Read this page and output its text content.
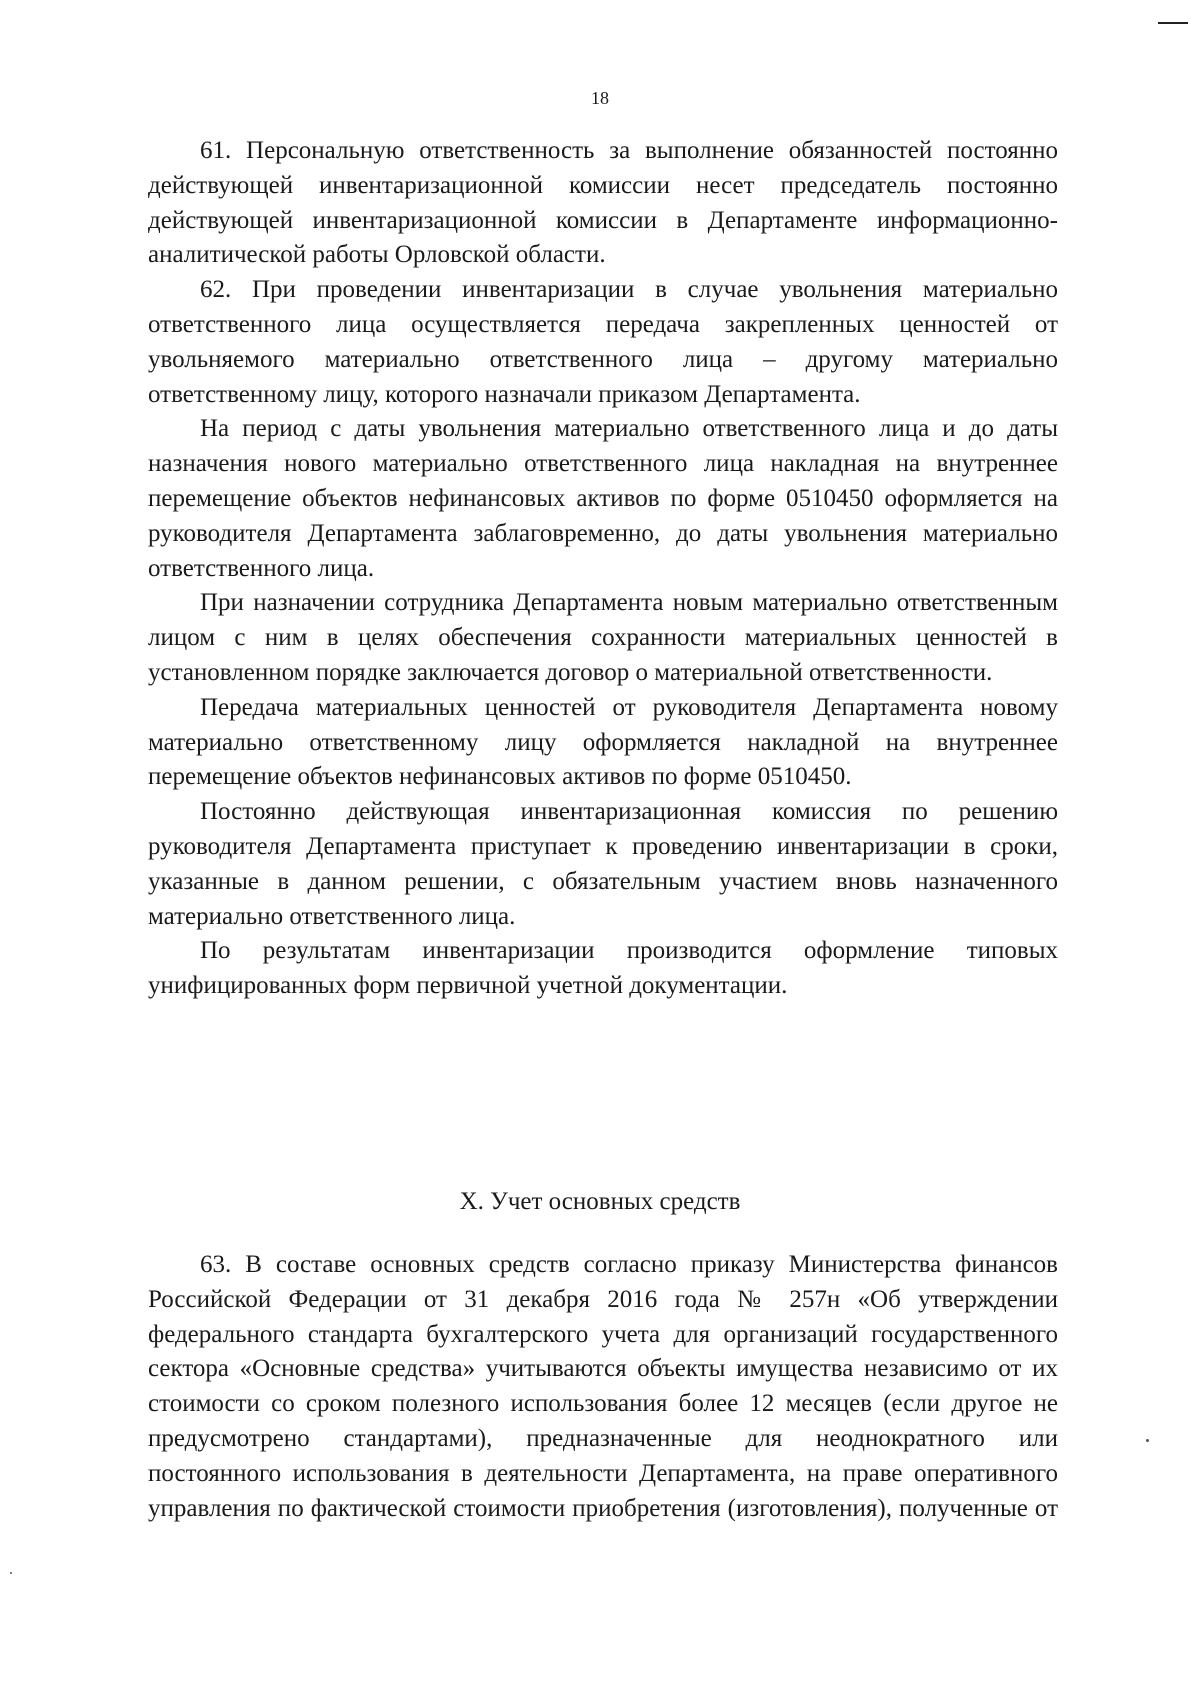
18

61. Персональную ответственность за выполнение обязанностей постоянно действующей инвентаризационной комиссии несет председатель постоянно действующей инвентаризационной комиссии в Департаменте информационно-аналитической работы Орловской области.

62. При проведении инвентаризации в случае увольнения материально ответственного лица осуществляется передача закрепленных ценностей от увольняемого материально ответственного лица – другому материально ответственному лицу, которого назначали приказом Департамента.

На период с даты увольнения материально ответственного лица и до даты назначения нового материально ответственного лица накладная на внутреннее перемещение объектов нефинансовых активов по форме 0510450 оформляется на руководителя Департамента заблаговременно, до даты увольнения материально ответственного лица.

При назначении сотрудника Департамента новым материально ответственным лицом с ним в целях обеспечения сохранности материальных ценностей в установленном порядке заключается договор о материальной ответственности.

Передача материальных ценностей от руководителя Департамента новому материально ответственному лицу оформляется накладной на внутреннее перемещение объектов нефинансовых активов по форме 0510450.

Постоянно действующая инвентаризационная комиссия по решению руководителя Департамента приступает к проведению инвентаризации в сроки, указанные в данном решении, с обязательным участием вновь назначенного материально ответственного лица.

По результатам инвентаризации производится оформление типовых унифицированных форм первичной учетной документации.

X. Учет основных средств

63. В составе основных средств согласно приказу Министерства финансов Российской Федерации от 31 декабря 2016 года № 257н «Об утверждении федерального стандарта бухгалтерского учета для организаций государственного сектора «Основные средства» учитываются объекты имущества независимо от их стоимости со сроком полезного использования более 12 месяцев (если другое не предусмотрено стандартами), предназначенные для неоднократного или постоянного использования в деятельности Департамента, на праве оперативного управления по фактической стоимости приобретения (изготовления), полученные от
